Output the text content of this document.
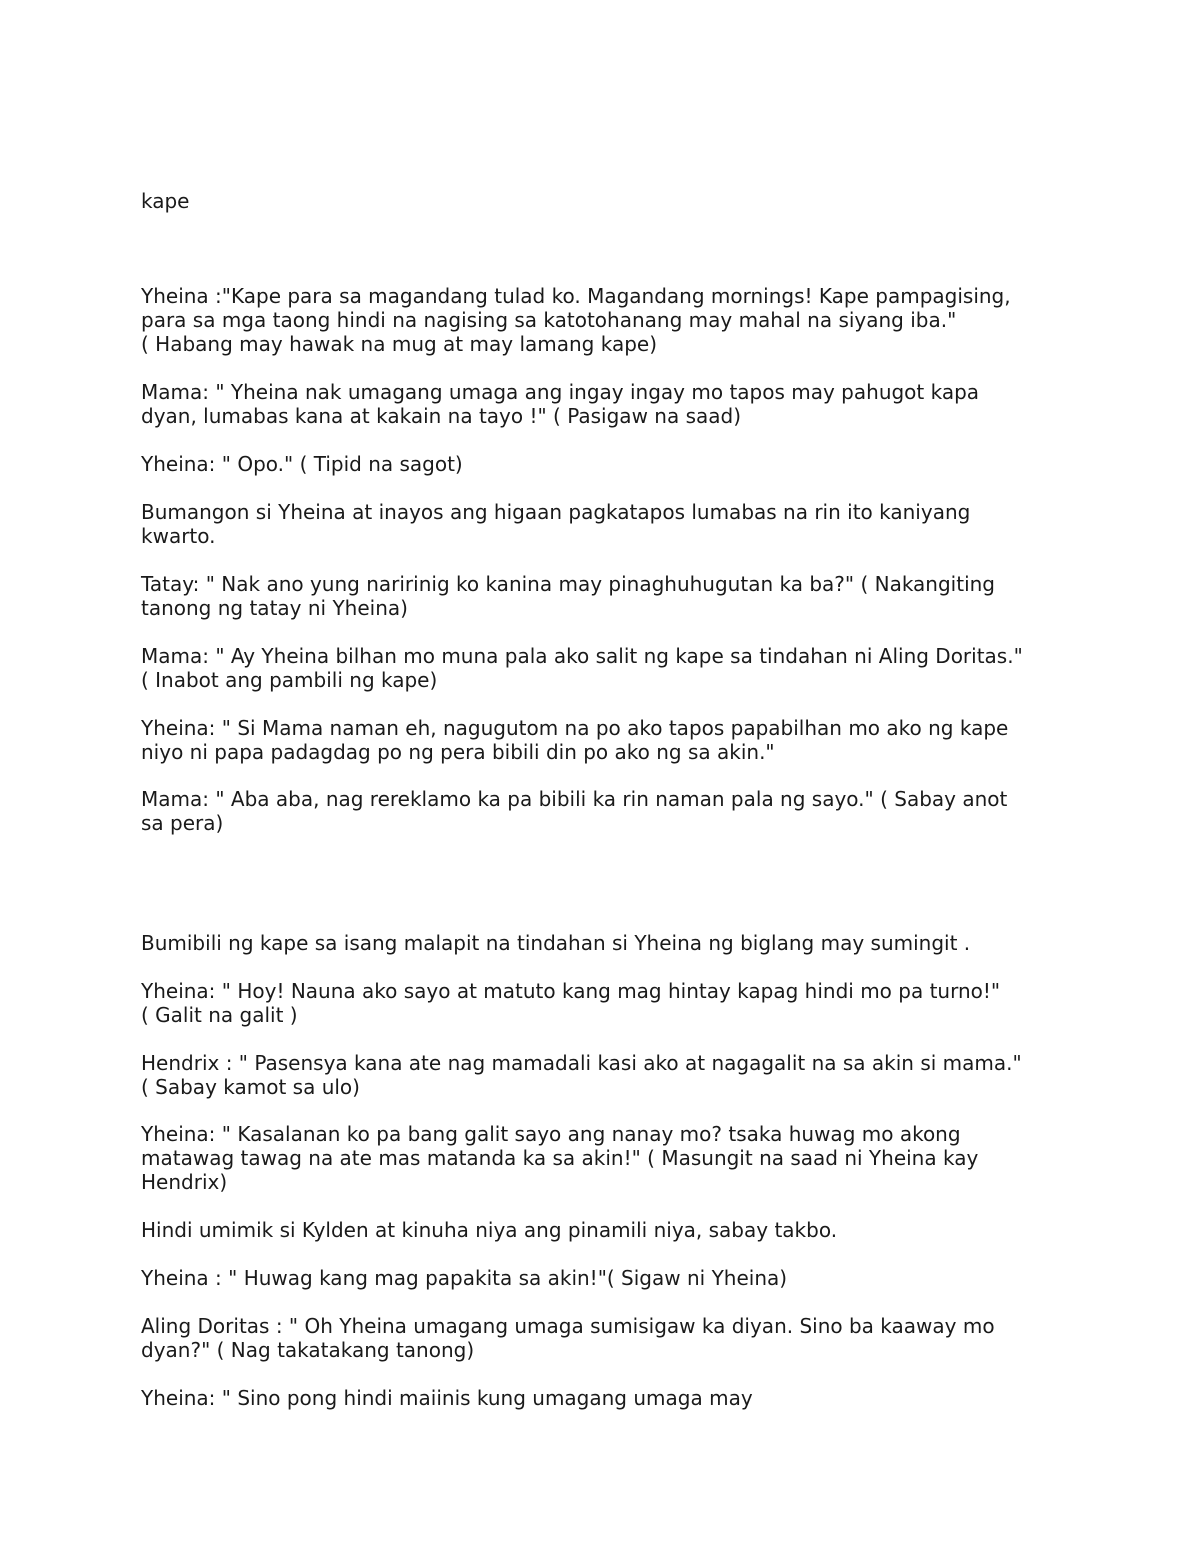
kape

Yheina :"Kape para sa magandang tulad ko. Magandang mornings! Kape pampagising,
para sa mga taong hindi na nagising sa katotohanang may mahal na siyang iba."
( Habang may hawak na mug at may lamang kape)

Mama: " Yheina nak umagang umaga ang ingay ingay mo tapos may pahugot kapa
dyan, lumabas kana at kakain na tayo !" ( Pasigaw na saad)

Yheina: " Opo." ( Tipid na sagot)

Bumangon si Yheina at inayos ang higaan pagkatapos lumabas na rin ito kaniyang
kwarto.

Tatay: " Nak ano yung naririnig ko kanina may pinaghuhugutan ka ba?" ( Nakangiting
tanong ng tatay ni Yheina)

Mama: " Ay Yheina bilhan mo muna pala ako salit ng kape sa tindahan ni Aling Doritas."
( Inabot ang pambili ng kape)

Yheina: " Si Mama naman eh, nagugutom na po ako tapos papabilhan mo ako ng kape
niyo ni papa padagdag po ng pera bibili din po ako ng sa akin."

Mama: " Aba aba, nag rereklamo ka pa bibili ka rin naman pala ng sayo." ( Sabay anot
sa pera)

Bumibili ng kape sa isang malapit na tindahan si Yheina ng biglang may sumingit .

Yheina: " Hoy! Nauna ako sayo at matuto kang mag hintay kapag hindi mo pa turno!"
( Galit na galit )

Hendrix : " Pasensya kana ate nag mamadali kasi ako at nagagalit na sa akin si mama."
( Sabay kamot sa ulo)

Yheina: " Kasalanan ko pa bang galit sayo ang nanay mo? tsaka huwag mo akong
matawag tawag na ate mas matanda ka sa akin!" ( Masungit na saad ni Yheina kay
Hendrix)

Hindi umimik si Kylden at kinuha niya ang pinamili niya, sabay takbo.

Yheina : " Huwag kang mag papakita sa akin!"( Sigaw ni Yheina)

Aling Doritas : " Oh Yheina umagang umaga sumisigaw ka diyan. Sino ba kaaway mo
dyan?" ( Nag takatakang tanong)

Yheina: " Sino pong hindi maiinis kung umagang umaga may
